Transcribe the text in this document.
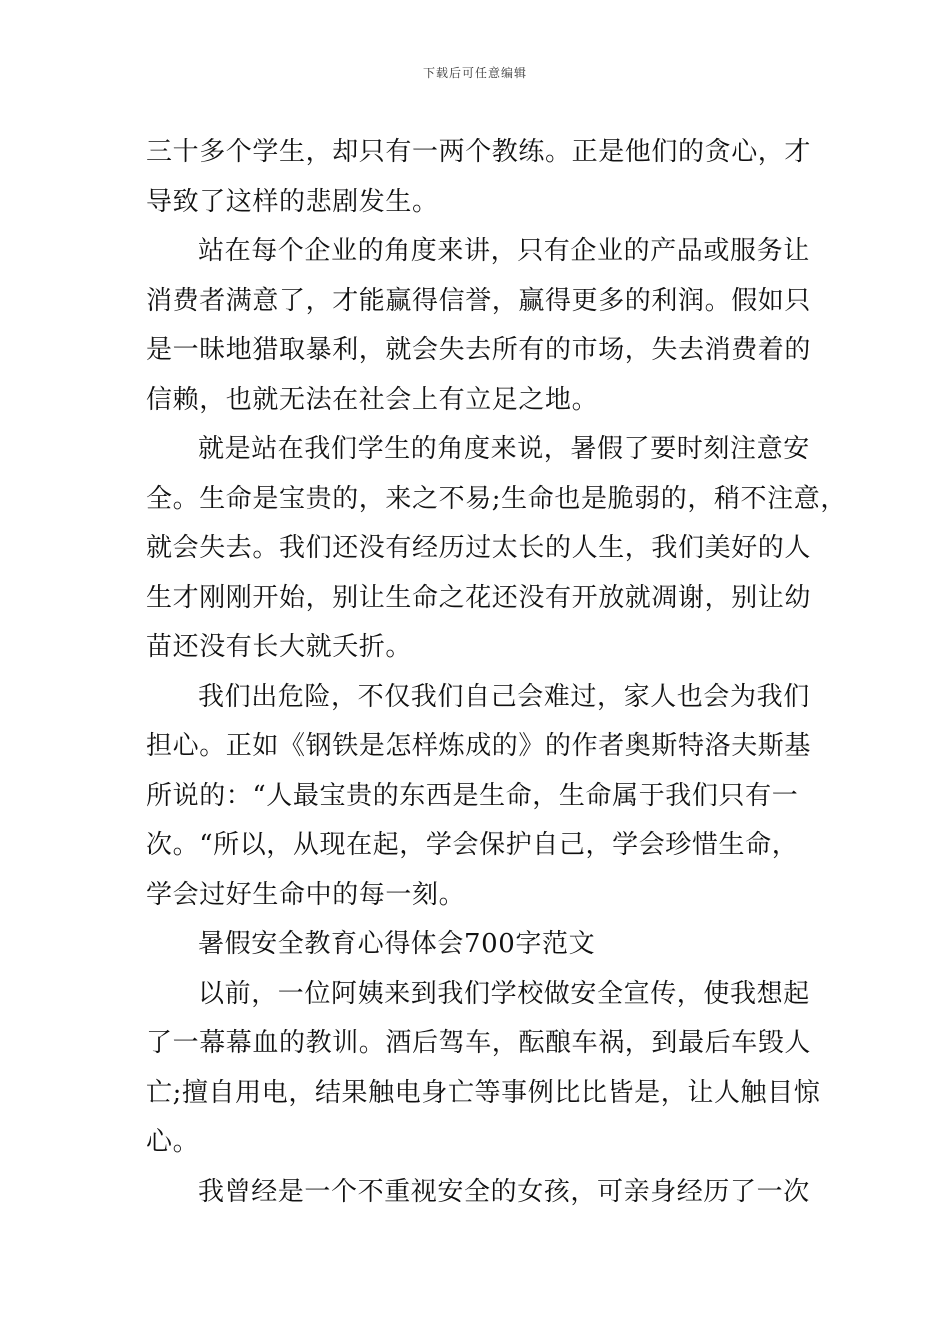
下载后可任意编辑
三十多个学生，却只有一两个教练。正是他们的贪心，才
导致了这样的悲剧发生。
站在每个企业的角度来讲，只有企业的产品或服务让
消费者满意了，才能赢得信誉，赢得更多的利润。假如只
是一昧地猎取暴利，就会失去所有的市场，失去消费着的
信赖，也就无法在社会上有立足之地。
就是站在我们学生的角度来说，暑假了要时刻注意安
全。生命是宝贵的，来之不易;生命也是脆弱的，稍不注意，
就会失去。我们还没有经历过太长的人生，我们美好的人
生才刚刚开始，别让生命之花还没有开放就凋谢，别让幼
苗还没有长大就夭折。
我们出危险，不仅我们自己会难过，家人也会为我们
担心。正如《钢铁是怎样炼成的》的作者奥斯特洛夫斯基
所说的：“人最宝贵的东西是生命，生命属于我们只有一
次。“所以，从现在起，学会保护自己，学会珍惜生命，
学会过好生命中的每一刻。
暑假安全教育心得体会700字范文
以前，一位阿姨来到我们学校做安全宣传，使我想起
了一幕幕血的教训。酒后驾车，酝酿车祸，到最后车毁人
亡;擅自用电，结果触电身亡等事例比比皆是，让人触目惊
心。
我曾经是一个不重视安全的女孩，可亲身经历了一次
